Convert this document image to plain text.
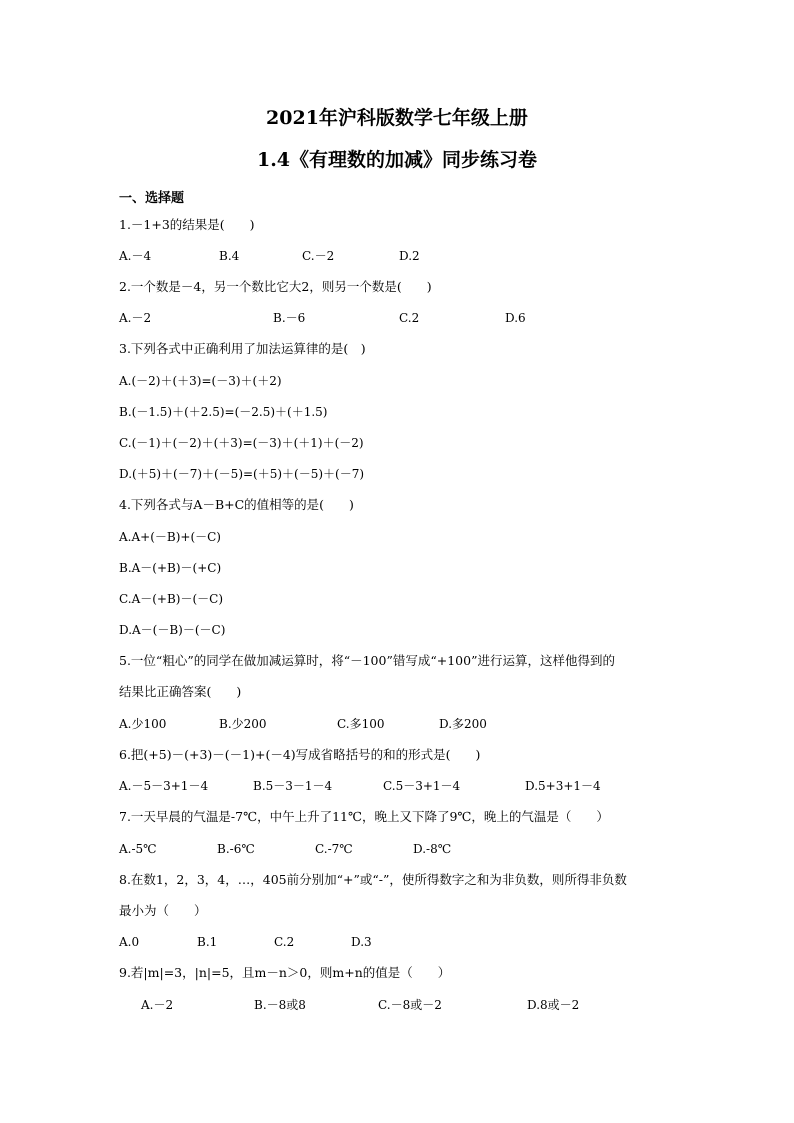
2021年沪科版数学七年级上册
1.4《有理数的加减》同步练习卷
一、选择题
1.－1+3的结果是(　　)
A.－4	B.4	C.－2	D.2
2.一个数是－4，另一个数比它大2，则另一个数是(　　)
A.－2	B.－6	C.2	D.6
3.下列各式中正确利用了加法运算律的是(　)
A.(－2)＋(＋3)=(－3)＋(＋2)
B.(－1.5)＋(＋2.5)=(－2.5)＋(＋1.5)
C.(－1)＋(－2)＋(＋3)=(－3)＋(＋1)＋(－2)
D.(＋5)＋(－7)＋(－5)=(＋5)＋(－5)＋(－7)
4.下列各式与A－B+C的值相等的是(　　)
A.A+(－B)+(－C)
B.A－(+B)－(+C)
C.A－(+B)－(－C)
D.A－(－B)－(－C)
5.一位“粗心”的同学在做加减运算时，将“－100”错写成“+100”进行运算，这样他得到的
结果比正确答案(　　)
A.少100	B.少200	C.多100	D.多200
6.把(+5)－(+3)－(－1)+(－4)写成省略括号的和的形式是(　　)
A.－5－3+1－4	B.5－3－1－4	C.5－3+1－4	D.5+3+1－4
7.一天早晨的气温是-7℃，中午上升了11℃，晚上又下降了9℃，晚上的气温是（　　）
A.-5℃	B.-6℃	C.-7℃	D.-8℃
8.在数1，2，3，4，…，405前分别加“+”或“-”，使所得数字之和为非负数，则所得非负数
最小为（　　）
A.0	B.1	C.2	D.3
9.若|m|=3，|n|=5，且m－n＞0，则m+n的值是（　　）
A.－2	B.－8或8	C.－8或－2	D.8或－2
